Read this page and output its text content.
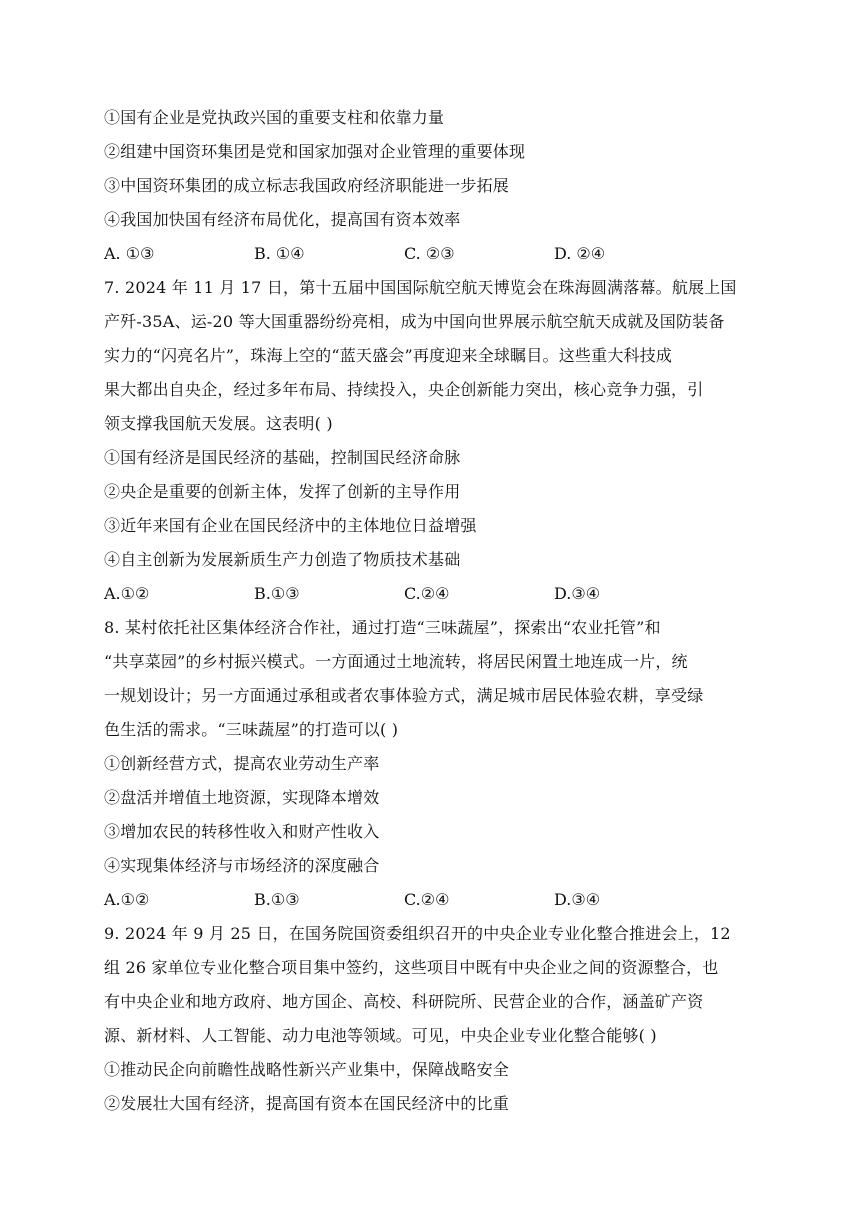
①国有企业是党执政兴国的重要支柱和依靠力量
②组建中国资环集团是党和国家加强对企业管理的重要体现
③中国资环集团的成立标志我国政府经济职能进一步拓展
④我国加快国有经济布局优化，提高国有资本效率
A. ①③	B. ①④	C. ②③	D. ②④
7. 2024 年 11 月 17 日，第十五届中国国际航空航天博览会在珠海圆满落幕。航展上国
产歼-35A、运-20 等大国重器纷纷亮相，成为中国向世界展示航空航天成就及国防装备
实力的“闪亮名片”，珠海上空的“蓝天盛会”再度迎来全球瞩目。这些重大科技成
果大都出自央企，经过多年布局、持续投入，央企创新能力突出，核心竞争力强，引
领支撑我国航天发展。这表明( )
①国有经济是国民经济的基础，控制国民经济命脉
②央企是重要的创新主体，发挥了创新的主导作用
③近年来国有企业在国民经济中的主体地位日益增强
④自主创新为发展新质生产力创造了物质技术基础
A.①②	B.①③	C.②④	D.③④
8. 某村依托社区集体经济合作社，通过打造“三味蔬屋”，探索出“农业托管”和
“共享菜园”的乡村振兴模式。一方面通过土地流转，将居民闲置土地连成一片，统
一规划设计；另一方面通过承租或者农事体验方式，满足城市居民体验农耕，享受绿
色生活的需求。“三味蔬屋”的打造可以( )
①创新经营方式，提高农业劳动生产率
②盘活并增值土地资源，实现降本增效
③增加农民的转移性收入和财产性收入
④实现集体经济与市场经济的深度融合
A.①②	B.①③	C.②④	D.③④
9. 2024 年 9 月 25 日，在国务院国资委组织召开的中央企业专业化整合推进会上，12
组 26 家单位专业化整合项目集中签约，这些项目中既有中央企业之间的资源整合，也
有中央企业和地方政府、地方国企、高校、科研院所、民营企业的合作，涵盖矿产资
源、新材料、人工智能、动力电池等领域。可见，中央企业专业化整合能够( )
①推动民企向前瞻性战略性新兴产业集中，保障战略安全
②发展壮大国有经济，提高国有资本在国民经济中的比重
